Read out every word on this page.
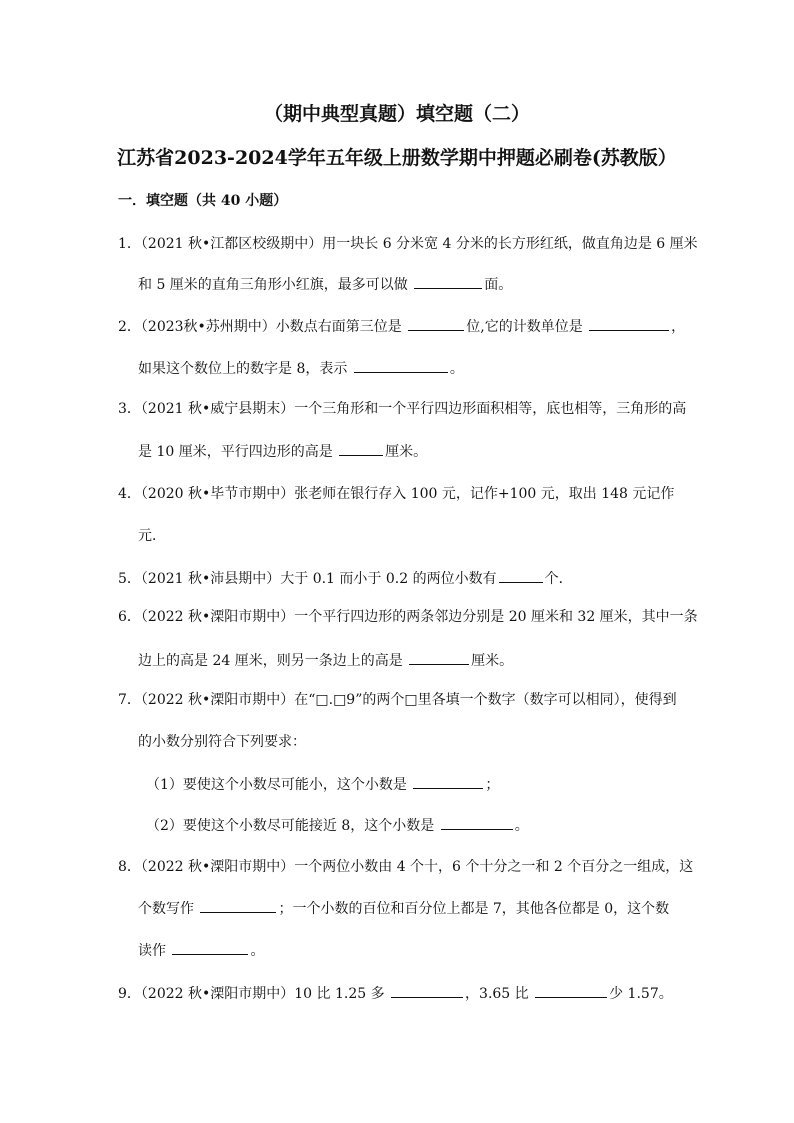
（期中典型真题）填空题（二）
江苏省2023-2024学年五年级上册数学期中押题必刷卷(苏教版）
一．填空题（共 40 小题）
1．（2021 秋•江都区校级期中）用一块长 6 分米宽 4 分米的长方形红纸，做直角边是 6 厘米
和 5 厘米的直角三角形小红旗，最多可以做	面。
2．（2023秋•苏州期中）小数点右面第三位是	位,它的计数单位是	，
如果这个数位上的数字是 8，表示	。
3．（2021 秋•威宁县期末）一个三角形和一个平行四边形面积相等，底也相等，三角形的高
是 10 厘米，平行四边形的高是	厘米。
4．（2020 秋•毕节市期中）张老师在银行存入 100 元，记作+100 元，取出 148 元记作
元．
5．（2021 秋•沛县期中）大于 0.1 而小于 0.2 的两位小数有	个．
6．（2022 秋•溧阳市期中）一个平行四边形的两条邻边分别是 20 厘米和 32 厘米，其中一条
边上的高是 24 厘米，则另一条边上的高是	厘米。
7．（2022 秋•溧阳市期中）在“□.□9”的两个□里各填一个数字（数字可以相同），使得到
的小数分别符合下列要求：
（1）要使这个小数尽可能小，这个小数是	；
（2）要使这个小数尽可能接近 8，这个小数是	。
8．（2022 秋•溧阳市期中）一个两位小数由 4 个十，6 个十分之一和 2 个百分之一组成，这
个数写作	；一个小数的百位和百分位上都是 7，其他各位都是 0，这个数
读作	。
9．（2022 秋•溧阳市期中）10 比 1.25 多	，3.65 比	少 1.57。
